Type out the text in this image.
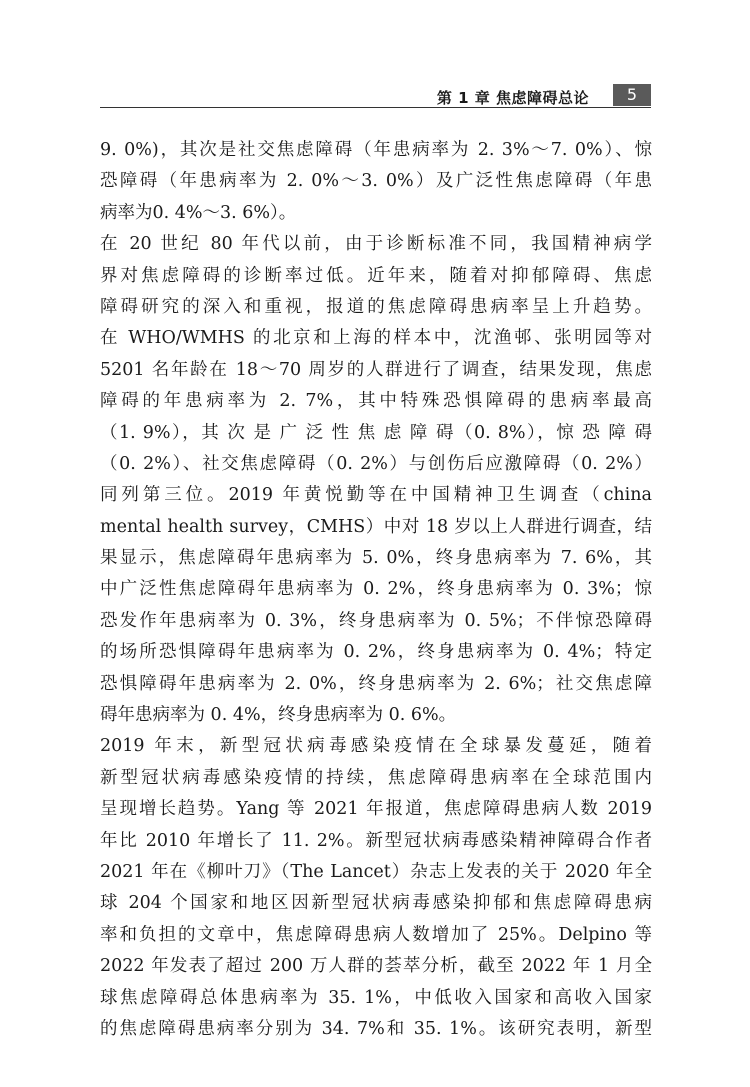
第 1 章 焦虑障碍总论	5
9. 0%)，其次是社交焦虑障碍（年患病率为 2. 3%～7. 0%）、惊
恐障碍（年患病率为 2. 0%～3. 0%）及广泛性焦虑障碍（年患
病率为0. 4%～3. 6%）。
在 20 世纪 80 年代以前，由于诊断标准不同，我国精神病学
界对焦虑障碍的诊断率过低。近年来，随着对抑郁障碍、焦虑
障碍研究的深入和重视，报道的焦虑障碍患病率呈上升趋势。
在 WHO/WMHS 的北京和上海的样本中，沈渔邨、张明园等对
5201 名年龄在 18～70 周岁的人群进行了调查，结果发现，焦虑
障碍的年患病率为 2. 7%，其中特殊恐惧障碍的患病率最高
（1. 9%），其 次 是 广 泛 性 焦 虑 障 碍（0. 8%），惊 恐 障 碍
（0. 2%）、社交焦虑障碍（0. 2%）与创伤后应激障碍（0. 2%）
同列第三位。2019 年黄悦勤等在中国精神卫生调查（china
mental health survey，CMHS）中对 18 岁以上人群进行调查，结
果显示，焦虑障碍年患病率为 5. 0%，终身患病率为 7. 6%，其
中广泛性焦虑障碍年患病率为 0. 2%，终身患病率为 0. 3%；惊
恐发作年患病率为 0. 3%，终身患病率为 0. 5%；不伴惊恐障碍
的场所恐惧障碍年患病率为 0. 2%，终身患病率为 0. 4%；特定
恐惧障碍年患病率为 2. 0%，终身患病率为 2. 6%；社交焦虑障
碍年患病率为 0. 4%，终身患病率为 0. 6%。
2019 年末，新型冠状病毒感染疫情在全球暴发蔓延，随着
新型冠状病毒感染疫情的持续，焦虑障碍患病率在全球范围内
呈现增长趋势。Yang 等 2021 年报道，焦虑障碍患病人数 2019
年比 2010 年增长了 11. 2%。新型冠状病毒感染精神障碍合作者
2021 年在《柳叶刀》（The Lancet）杂志上发表的关于 2020 年全
球 204 个国家和地区因新型冠状病毒感染抑郁和焦虑障碍患病
率和负担的文章中，焦虑障碍患病人数增加了 25%。Delpino 等
2022 年发表了超过 200 万人群的荟萃分析，截至 2022 年 1 月全
球焦虑障碍总体患病率为 35. 1%，中低收入国家和高收入国家
的焦虑障碍患病率分别为 34. 7%和 35. 1%。该研究表明，新型
